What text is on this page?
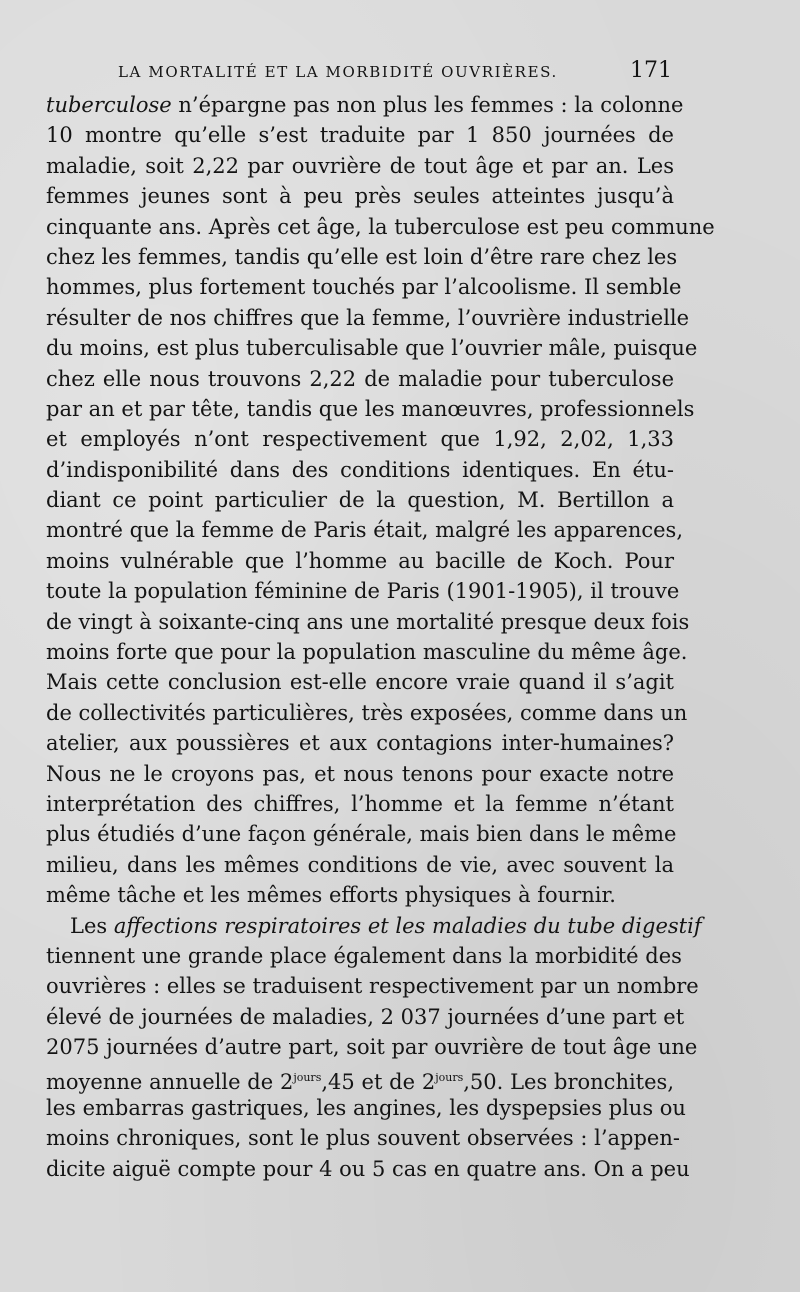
LA MORTALITÉ ET LA MORBIDITÉ OUVRIÈRES.	171
tuberculose n’épargne pas non plus les femmes : la colonne
10 montre qu’elle s’est traduite par 1 850 journées de
maladie, soit 2,22 par ouvrière de tout âge et par an. Les
femmes jeunes sont à peu près seules atteintes jusqu’à
cinquante ans. Après cet âge, la tuberculose est peu commune
chez les femmes, tandis qu’elle est loin d’être rare chez les
hommes, plus fortement touchés par l’alcoolisme. Il semble
résulter de nos chiffres que la femme, l’ouvrière industrielle
du moins, est plus tuberculisable que l’ouvrier mâle, puisque
chez elle nous trouvons 2,22 de maladie pour tuberculose
par an et par tête, tandis que les manœuvres, professionnels
et employés n’ont respectivement que 1,92, 2,02, 1,33
d’indisponibilité dans des conditions identiques. En étu-
diant ce point particulier de la question, M. Bertillon a
montré que la femme de Paris était, malgré les apparences,
moins vulnérable que l’homme au bacille de Koch. Pour
toute la population féminine de Paris (1901-1905), il trouve
de vingt à soixante-cinq ans une mortalité presque deux fois
moins forte que pour la population masculine du même âge.
Mais cette conclusion est-elle encore vraie quand il s’agit
de collectivités particulières, très exposées, comme dans un
atelier, aux poussières et aux contagions inter-humaines?
Nous ne le croyons pas, et nous tenons pour exacte notre
interprétation des chiffres, l’homme et la femme n’étant
plus étudiés d’une façon générale, mais bien dans le même
milieu, dans les mêmes conditions de vie, avec souvent la
même tâche et les mêmes efforts physiques à fournir.
Les affections respiratoires et les maladies du tube digestif
tiennent une grande place également dans la morbidité des
ouvrières : elles se traduisent respectivement par un nombre
élevé de journées de maladies, 2 037 journées d’une part et
2075 journées d’autre part, soit par ouvrière de tout âge une
moyenne annuelle de $2^{jours},45$ et de $2^{jours},50$. Les bronchites,
les embarras gastriques, les angines, les dyspepsies plus ou
moins chroniques, sont le plus souvent observées : l’appen-
dicite aiguë compte pour 4 ou 5 cas en quatre ans. On a peu
